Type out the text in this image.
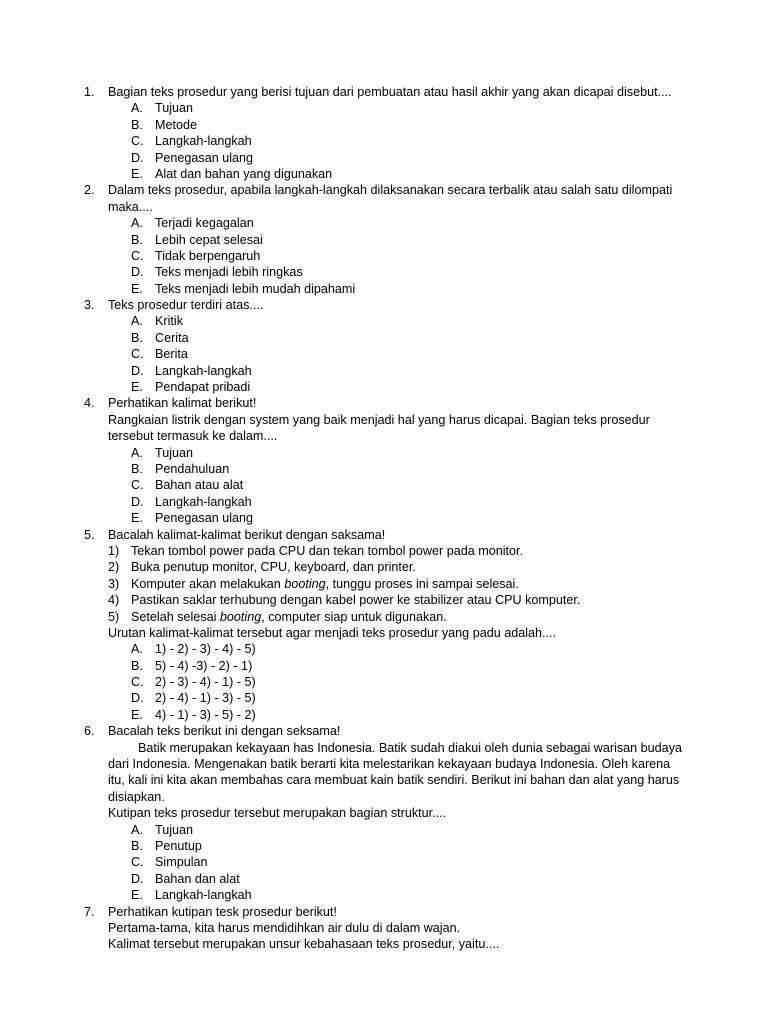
1. Bagian teks prosedur yang berisi tujuan dari pembuatan atau hasil akhir yang akan dicapai disebut....
A. Tujuan
B. Metode
C. Langkah-langkah
D. Penegasan ulang
E. Alat dan bahan yang digunakan
2. Dalam teks prosedur, apabila langkah-langkah dilaksanakan secara terbalik atau salah satu dilompati
maka....
A. Terjadi kegagalan
B. Lebih cepat selesai
C. Tidak berpengaruh
D. Teks menjadi lebih ringkas
E. Teks menjadi lebih mudah dipahami
3. Teks prosedur terdiri atas....
A. Kritik
B. Cerita
C. Berita
D. Langkah-langkah
E. Pendapat pribadi
4. Perhatikan kalimat berikut!
Rangkaian listrik dengan system yang baik menjadi hal yang harus dicapai. Bagian teks prosedur
tersebut termasuk ke dalam....
A. Tujuan
B. Pendahuluan
C. Bahan atau alat
D. Langkah-langkah
E. Penegasan ulang
5. Bacalah kalimat-kalimat berikut dengan saksama!
1) Tekan tombol power pada CPU dan tekan tombol power pada monitor.
2) Buka penutup monitor, CPU, keyboard, dan printer.
3) Komputer akan melakukan booting, tunggu proses ini sampai selesai.
4) Pastikan saklar terhubung dengan kabel power ke stabilizer atau CPU komputer.
5) Setelah selesai booting, computer siap untuk digunakan.
Urutan kalimat-kalimat tersebut agar menjadi teks prosedur yang padu adalah....
A. 1) - 2) - 3) - 4) - 5)
B. 5) - 4) -3) - 2) - 1)
C. 2) - 3) - 4) - 1) - 5)
D. 2) - 4) - 1) - 3) - 5)
E. 4) - 1) - 3) - 5) - 2)
6. Bacalah teks berikut ini dengan seksama!
Batik merupakan kekayaan has Indonesia. Batik sudah diakui oleh dunia sebagai warisan budaya
dari Indonesia. Mengenakan batik berarti kita melestarikan kekayaan budaya Indonesia. Oleh karena
itu, kali ini kita akan membahas cara membuat kain batik sendiri. Berikut ini bahan dan alat yang harus
disiapkan.
Kutipan teks prosedur tersebut merupakan bagian struktur....
A. Tujuan
B. Penutup
C. Simpulan
D. Bahan dan alat
E. Langkah-langkah
7. Perhatikan kutipan tesk prosedur berikut!
Pertama-tama, kita harus mendidihkan air dulu di dalam wajan.
Kalimat tersebut merupakan unsur kebahasaan teks prosedur, yaitu....
